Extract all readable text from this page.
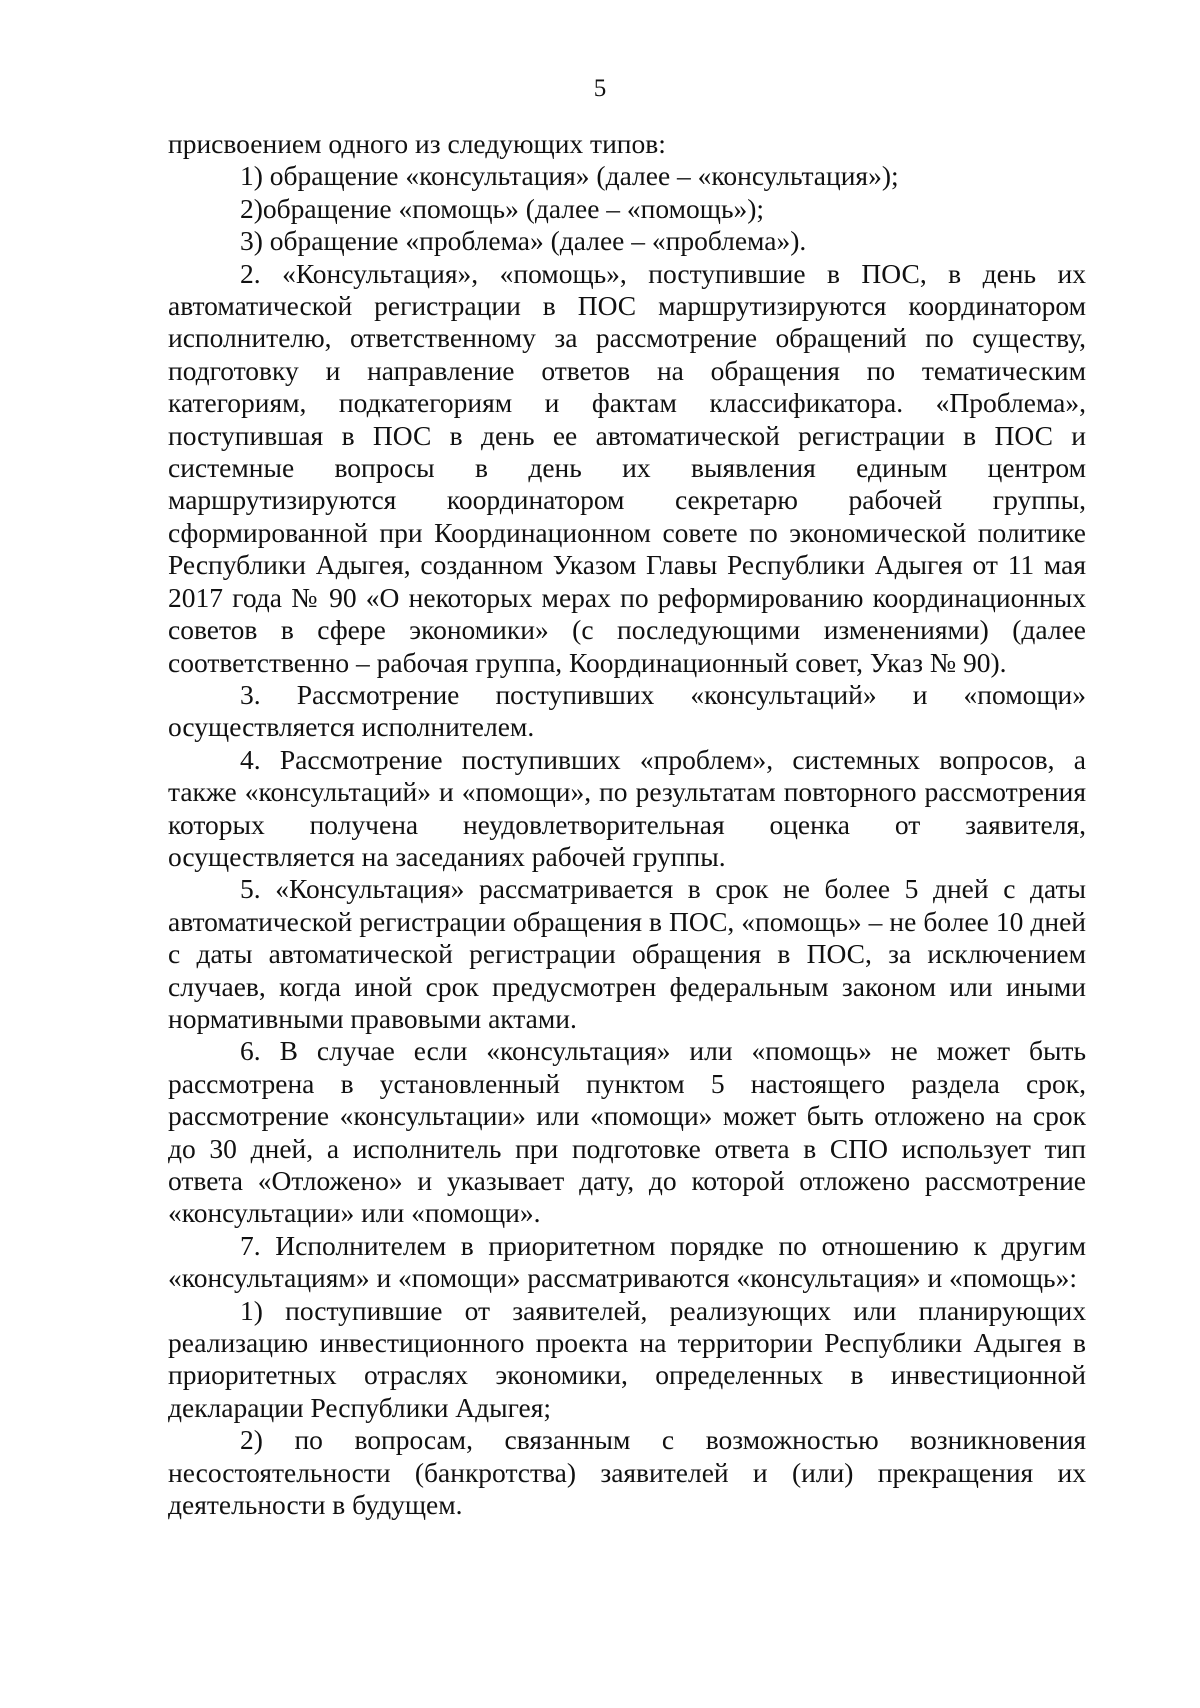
5

присвоением одного из следующих типов:

1) обращение «консультация» (далее – «консультация»);

2)обращение «помощь» (далее – «помощь»);

3) обращение «проблема» (далее – «проблема»).

2. «Консультация», «помощь», поступившие в ПОС, в день их автоматической регистрации в ПОС маршрутизируются координатором исполнителю, ответственному за рассмотрение обращений по существу, подготовку и направление ответов на обращения по тематическим категориям, подкатегориям и фактам классификатора. «Проблема», поступившая в ПОС в день ее автоматической регистрации в ПОС и системные вопросы в день их выявления единым центром маршрутизируются координатором секретарю рабочей группы, сформированной при Координационном совете по экономической политике Республики Адыгея, созданном Указом Главы Республики Адыгея от 11 мая 2017 года № 90 «О некоторых мерах по реформированию координационных советов в сфере экономики» (с последующими изменениями) (далее соответственно – рабочая группа, Координационный совет, Указ № 90).

3. Рассмотрение поступивших «консультаций» и «помощи» осуществляется исполнителем.

4. Рассмотрение поступивших «проблем», системных вопросов, а также «консультаций» и «помощи», по результатам повторного рассмотрения которых получена неудовлетворительная оценка от заявителя, осуществляется на заседаниях рабочей группы.

5. «Консультация» рассматривается в срок не более 5 дней с даты автоматической регистрации обращения в ПОС, «помощь» – не более 10 дней с даты автоматической регистрации обращения в ПОС, за исключением случаев, когда иной срок предусмотрен федеральным законом или иными нормативными правовыми актами.

6. В случае если «консультация» или «помощь» не может быть рассмотрена в установленный пунктом 5 настоящего раздела срок, рассмотрение «консультации» или «помощи» может быть отложено на срок до 30 дней, а исполнитель при подготовке ответа в СПО использует тип ответа «Отложено» и указывает дату, до которой отложено рассмотрение «консультации» или «помощи».

7. Исполнителем в приоритетном порядке по отношению к другим «консультациям» и «помощи» рассматриваются «консультация» и «помощь»:

1) поступившие от заявителей, реализующих или планирующих реализацию инвестиционного проекта на территории Республики Адыгея в приоритетных отраслях экономики, определенных в инвестиционной декларации Республики Адыгея;

2) по вопросам, связанным с возможностью возникновения несостоятельности (банкротства) заявителей и (или) прекращения их деятельности в будущем.
